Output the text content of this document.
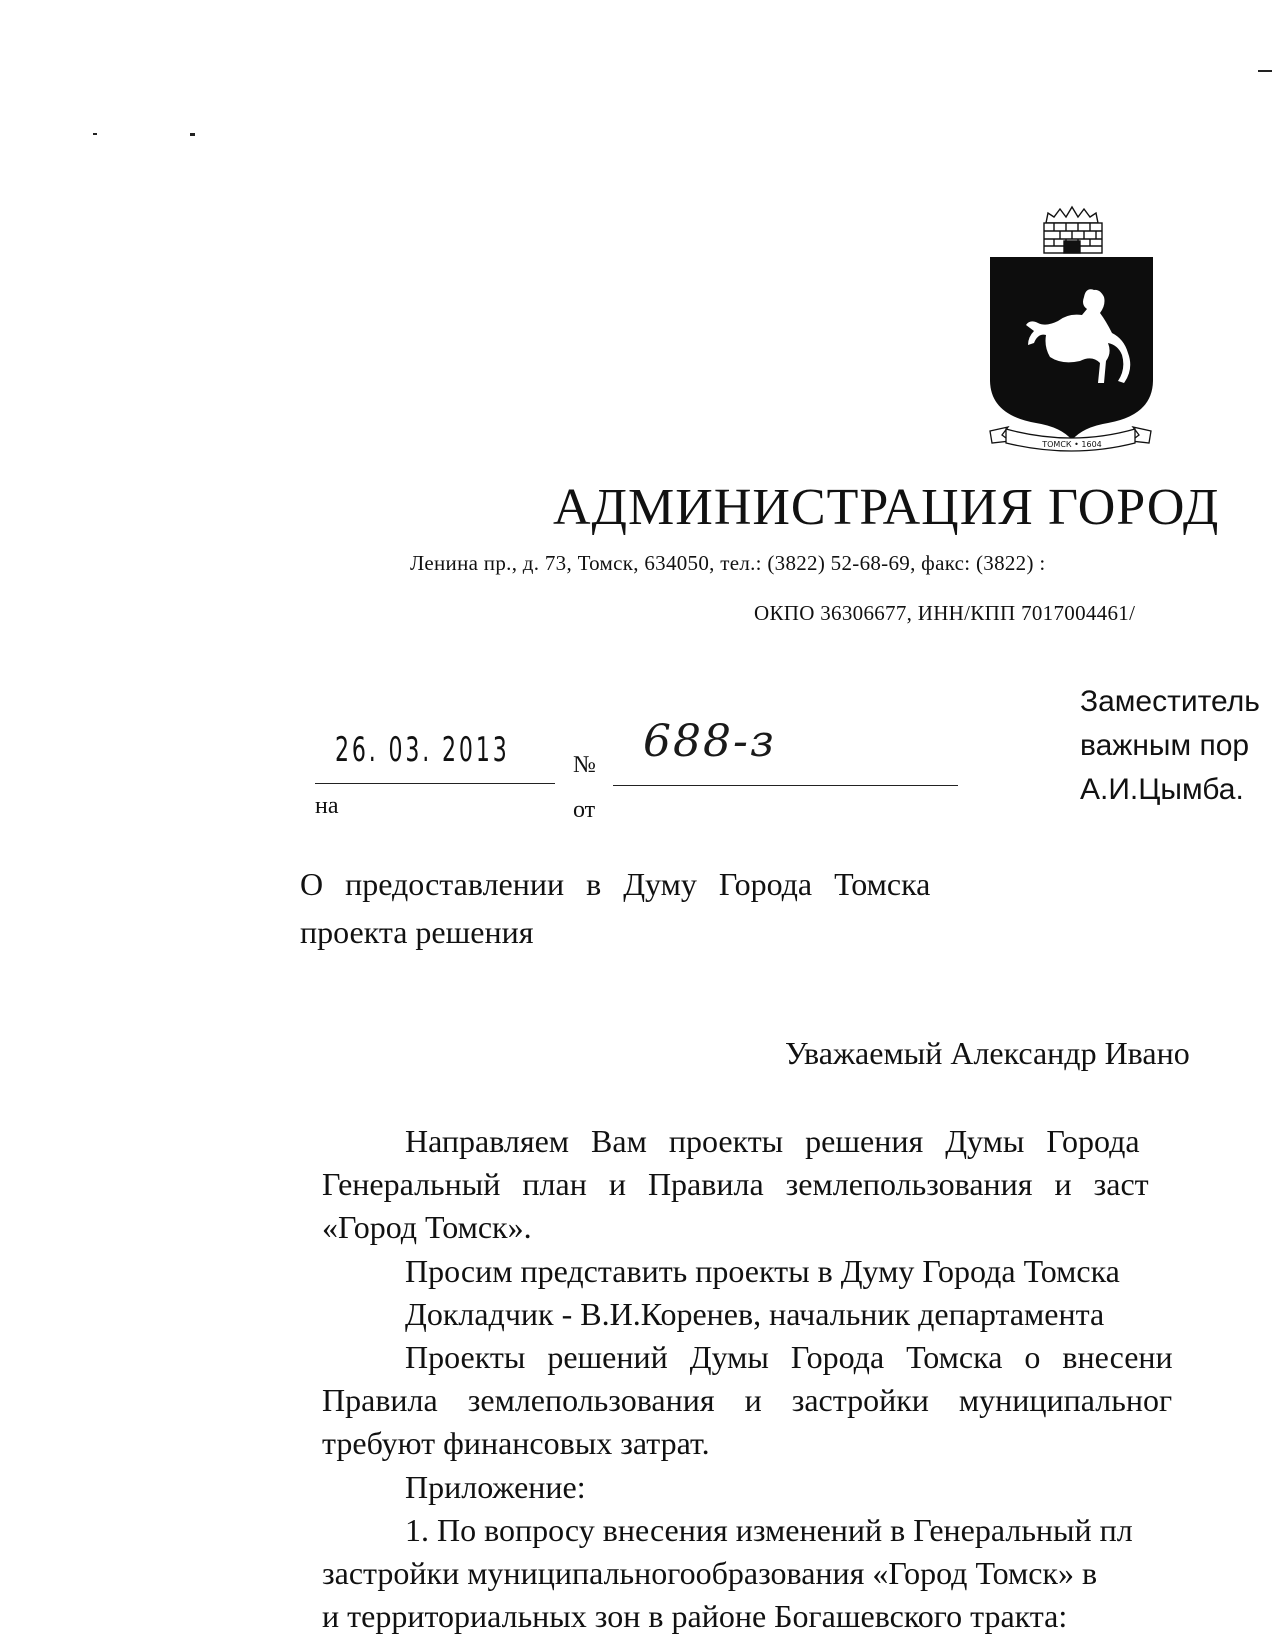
ТОМСК • 1604
АДМИНИСТРАЦИЯ ГОРОД
Ленина пр., д. 73, Томск, 634050, тел.: (3822) 52-68-69, факс: (3822) :
ОКПО 36306677, ИНН/КПП 7017004461/
Заместитель
важным пор
А.И.Цымба.
26. 03. 2013	№ 688-з
на	от
О предоставлении в Думу Города Томска
проекта решения
Уважаемый Александр Ивано

Направляем Вам проекты решения Думы Города

Генеральный план и Правила землепользования и заст

«Город Томск».

Просим представить проекты в Думу Города Томска

Докладчик - В.И.Коренев, начальник департамента

Проекты решений Думы Города Томска о внесени

Правила землепользования и застройки муниципальног

требуют финансовых затрат.

Приложение:

1. По вопросу внесения изменений в Генеральный пл

застройки муниципальногообразования «Город Томск» в

и территориальных зон в районе Богашевского тракта:
